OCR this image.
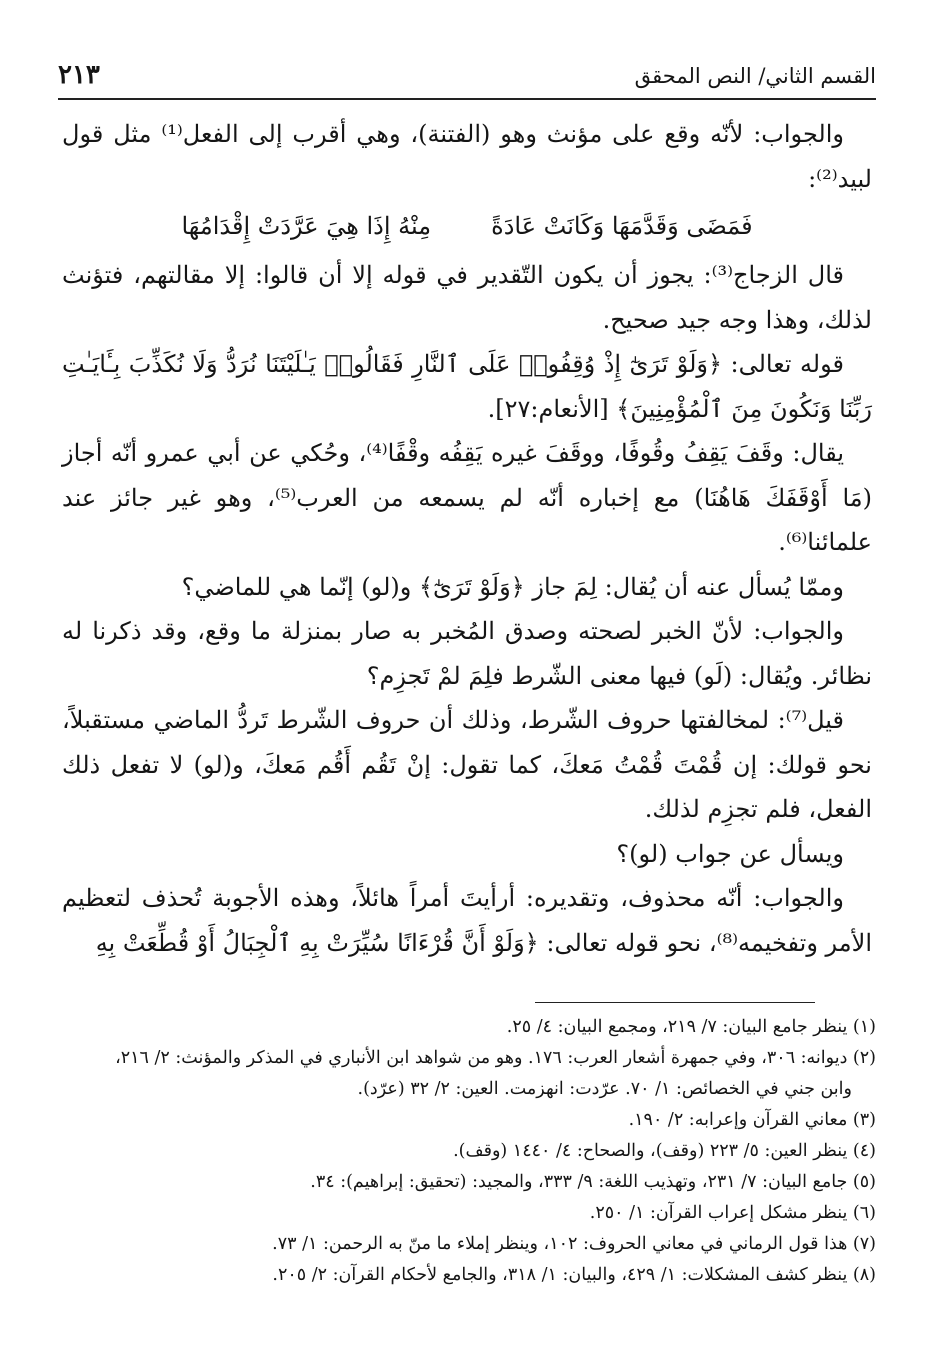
القسم الثاني/ النص المحقق
٢١٣

والجواب: لأنّه وقع على مؤنث وهو (الفتنة)، وهي أقرب إلى الفعل⁽¹⁾ مثل قول لبيد⁽²⁾:

فَمَضَى وَقَدَّمَهَا وَكَانَتْ عَادَةً
مِنْهُ إِذَا هِيَ عَرَّدَتْ إِقْدَامُهَا

قال الزجاج⁽³⁾: يجوز أن يكون التّقدير في قوله إلا أن قالوا: إلا مقالتهم، فتؤنث لذلك، وهذا وجه جيد صحيح.

قوله تعالى: ﴿وَلَوْ تَرَىٰٓ إِذْ وُقِفُوا۟ عَلَى ٱلنَّارِ فَقَالُوا۟ يَـٰلَيْتَنَا نُرَدُّ وَلَا نُكَذِّبَ بِـَٔايَـٰتِ رَبِّنَا وَنَكُونَ مِنَ ٱلْمُؤْمِنِينَ﴾ [الأنعام:٢٧].

يقال: وقَفَ يَقِفُ وقُوفًا، ووقَفَ غيره يَقِفُه وقْفًا⁽⁴⁾، وحُكي عن أبي عمرو أنّه أجاز (مَا أَوْقَفَكَ هَاهُنَا) مع إخباره أنّه لم يسمعه من العرب⁽⁵⁾، وهو غير جائز عند علمائنا⁽⁶⁾.

وممّا يُسأل عنه أن يُقال: لِمَ جاز ﴿وَلَوْ تَرَىٰٓ﴾ و(لو) إنّما هي للماضي؟

والجواب: لأنّ الخبر لصحته وصدق المُخبر به صار بمنزلة ما وقع، وقد ذكرنا له نظائر. ويُقال: (لَو) فيها معنى الشّرط فلِمَ لمْ تَجزِم؟

قيل⁽⁷⁾: لمخالفتها حروف الشّرط، وذلك أن حروف الشّرط تَردُّ الماضي مستقبلاً، نحو قولك: إن قُمْتَ قُمْتُ مَعكَ، كما تقول: إنْ تَقُم أَقُم مَعكَ، و(لو) لا تفعل ذلك الفعل، فلم تجزِم لذلك.

ويسأل عن جواب (لو)؟

والجواب: أنّه محذوف، وتقديره: أرأيتَ أمراً هائلاً، وهذه الأجوبة تُحذف لتعظيم الأمر وتفخيمه⁽⁸⁾، نحو قوله تعالى: ﴿وَلَوْ أَنَّ قُرْءَانًا سُيِّرَتْ بِهِ ٱلْجِبَالُ أَوْ قُطِّعَتْ بِهِ

(١) ينظر جامع البيان: ٧/ ٢١٩، ومجمع البيان: ٤/ ٢٥.

(٢) ديوانه: ٣٠٦، وفي جمهرة أشعار العرب: ١٧٦. وهو من شواهد ابن الأنباري في المذكر والمؤنث: ٢/ ٢١٦،

وابن جني في الخصائص: ١/ ٧٠. عرّدت: انهزمت. العين: ٢/ ٣٢ (عرّد).

(٣) معاني القرآن وإعرابه: ٢/ ١٩٠.

(٤) ينظر العين: ٥/ ٢٢٣ (وقف)، والصحاح: ٤/ ١٤٤٠ (وقف).

(٥) جامع البيان: ٧/ ٢٣١، وتهذيب اللغة: ٩/ ٣٣٣، والمجيد: (تحقيق: إبراهيم): ٣٤.

(٦) ينظر مشكل إعراب القرآن: ١/ ٢٥٠.

(٧) هذا قول الرماني في معاني الحروف: ١٠٢، وينظر إملاء ما منّ به الرحمن: ١/ ٧٣.

(٨) ينظر كشف المشكلات: ١/ ٤٢٩، والبيان: ١/ ٣١٨، والجامع لأحكام القرآن: ٢/ ٢٠٥.
